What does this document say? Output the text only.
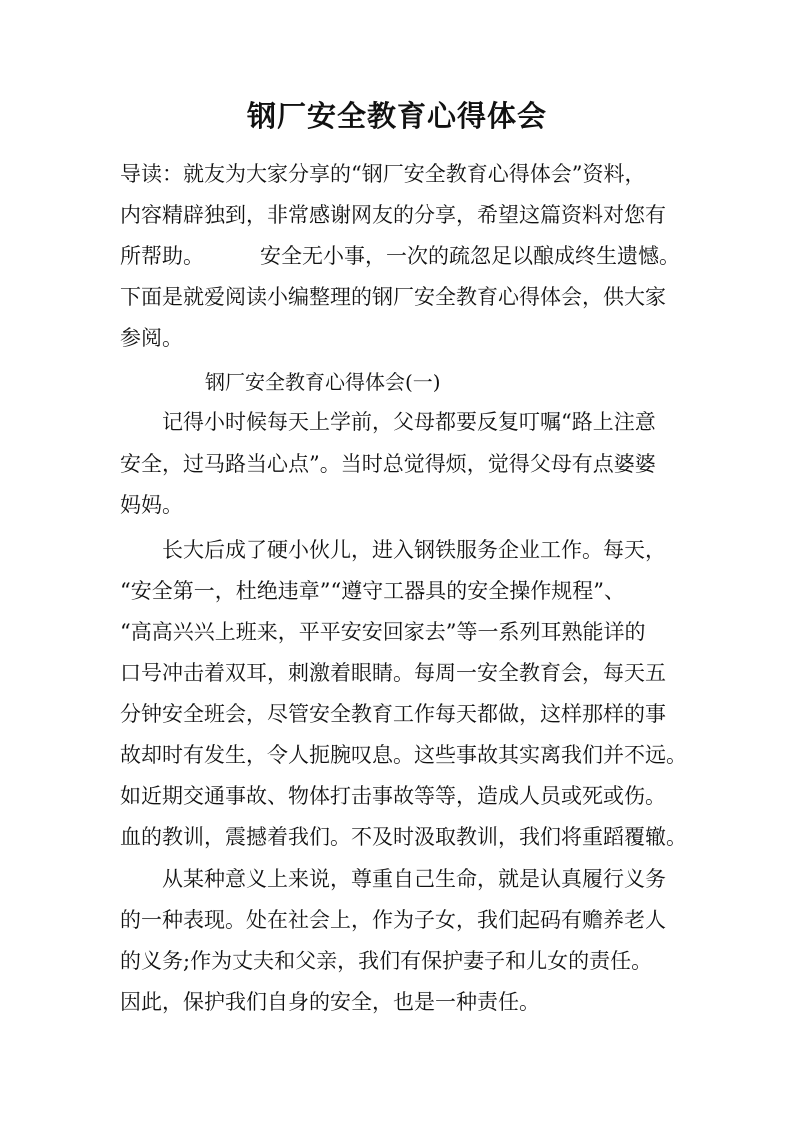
钢厂安全教育心得体会
导读：就友为大家分享的“钢厂安全教育心得体会”资料，
内容精辟独到，非常感谢网友的分享，希望这篇资料对您有
所帮助。	安全无小事，一次的疏忽足以酿成终生遗憾。
下面是就爱阅读小编整理的钢厂安全教育心得体会，供大家
参阅。
钢厂安全教育心得体会(一)
记得小时候每天上学前，父母都要反复叮嘱“路上注意
安全，过马路当心点”。当时总觉得烦，觉得父母有点婆婆
妈妈。
长大后成了硬小伙儿，进入钢铁服务企业工作。每天，
“安全第一，杜绝违章”“遵守工器具的安全操作规程”、
“高高兴兴上班来，平平安安回家去”等一系列耳熟能详的
口号冲击着双耳，刺激着眼睛。每周一安全教育会，每天五
分钟安全班会，尽管安全教育工作每天都做，这样那样的事
故却时有发生，令人扼腕叹息。这些事故其实离我们并不远。
如近期交通事故、物体打击事故等等，造成人员或死或伤。
血的教训，震撼着我们。不及时汲取教训，我们将重蹈覆辙。
从某种意义上来说，尊重自己生命，就是认真履行义务
的一种表现。处在社会上，作为子女，我们起码有赡养老人
的义务;作为丈夫和父亲，我们有保护妻子和儿女的责任。
因此，保护我们自身的安全，也是一种责任。
